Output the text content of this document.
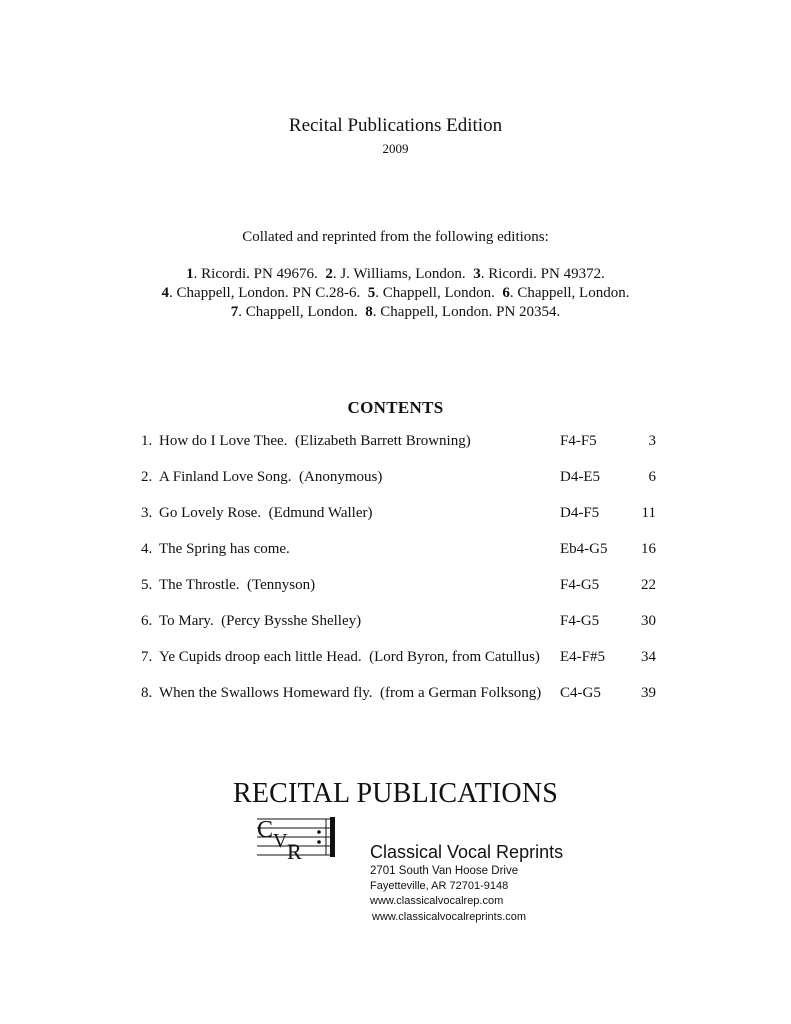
Recital Publications Edition
2009
Collated and reprinted from the following editions:
1. Ricordi. PN 49676.  2. J. Williams, London.  3. Ricordi. PN 49372.
4. Chappell, London. PN C.28-6.  5. Chappell, London.  6. Chappell, London.
7. Chappell, London.  8. Chappell, London. PN 20354.
CONTENTS
1. How do I Love Thee.  (Elizabeth Barrett Browning)	F4-F5	3
2. A Finland Love Song.  (Anonymous)	D4-E5	6
3. Go Lovely Rose.  (Edmund Waller)	D4-F5	11
4. The Spring has come.	Eb4-G5 16
5. The Throstle.  (Tennyson)	F4-G5	22
6. To Mary.  (Percy Bysshe Shelley)	F4-G5	30
7. Ye Cupids droop each little Head.  (Lord Byron, from Catullus) E4-F#5 34
8. When the Swallows Homeward fly.  (from a German Folksong) C4-G5	39
RECITAL PUBLICATIONS
C V R	Classical Vocal Reprints
2701 South Van Hoose Drive
Fayetteville, AR 72701-9148
www.classicalvocalrep.com
www.classicalvocalreprints.com
